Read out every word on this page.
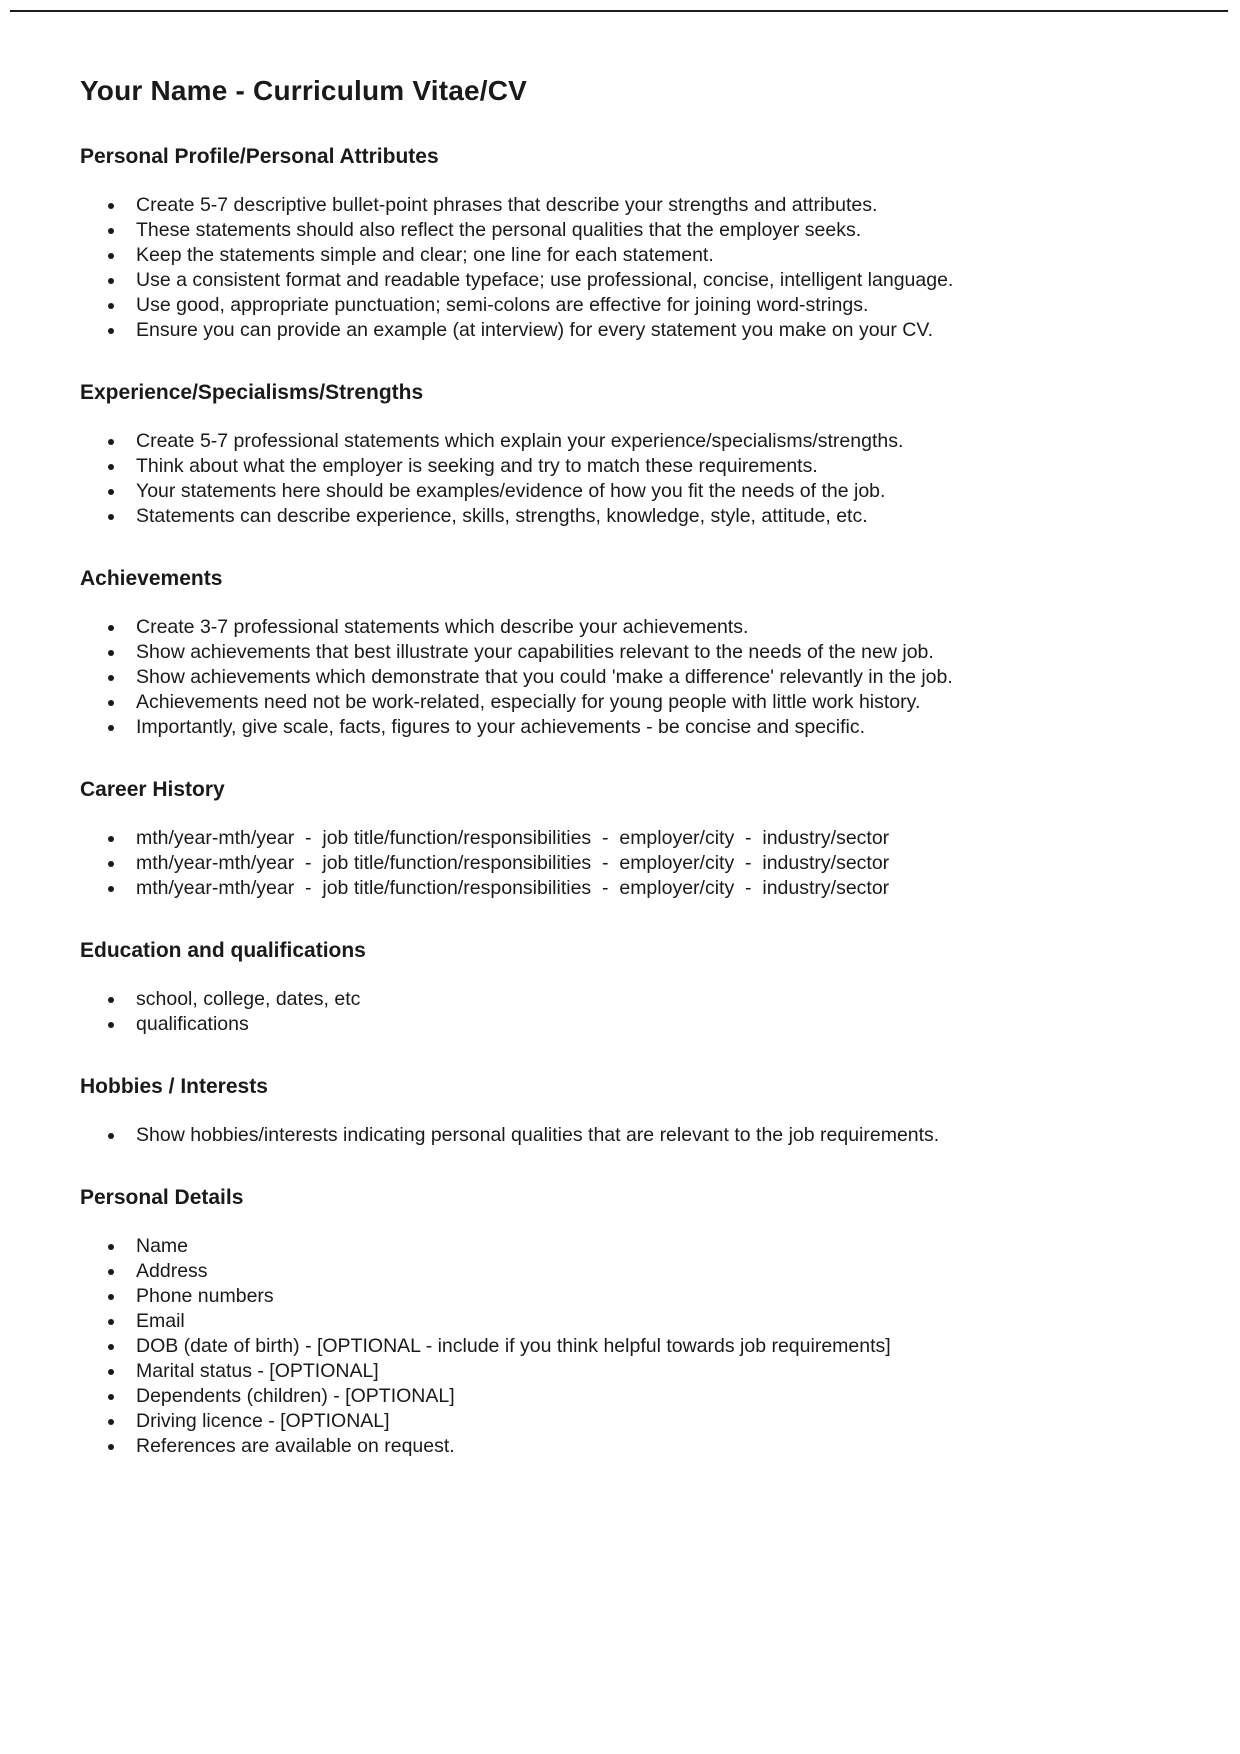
Your Name - Curriculum Vitae/CV
Personal Profile/Personal Attributes
• Create 5-7 descriptive bullet-point phrases that describe your strengths and attributes.
• These statements should also reflect the personal qualities that the employer seeks.
• Keep the statements simple and clear; one line for each statement.
• Use a consistent format and readable typeface; use professional, concise, intelligent language.
• Use good, appropriate punctuation; semi-colons are effective for joining word-strings.
• Ensure you can provide an example (at interview) for every statement you make on your CV.
Experience/Specialisms/Strengths
• Create 5-7 professional statements which explain your experience/specialisms/strengths.
• Think about what the employer is seeking and try to match these requirements.
• Your statements here should be examples/evidence of how you fit the needs of the job.
• Statements can describe experience, skills, strengths, knowledge, style, attitude, etc.
Achievements
• Create 3-7 professional statements which describe your achievements.
• Show achievements that best illustrate your capabilities relevant to the needs of the new job.
• Show achievements which demonstrate that you could 'make a difference' relevantly in the job.
• Achievements need not be work-related, especially for young people with little work history.
• Importantly, give scale, facts, figures to your achievements - be concise and specific.
Career History
• mth/year-mth/year  -  job title/function/responsibilities  -  employer/city  -  industry/sector
• mth/year-mth/year  -  job title/function/responsibilities  -  employer/city  -  industry/sector
• mth/year-mth/year  -  job title/function/responsibilities  -  employer/city  -  industry/sector
Education and qualifications
• school, college, dates, etc
• qualifications
Hobbies / Interests
• Show hobbies/interests indicating personal qualities that are relevant to the job requirements.
Personal Details
• Name
• Address
• Phone numbers
• Email
• DOB (date of birth) - [OPTIONAL - include if you think helpful towards job requirements]
• Marital status - [OPTIONAL]
• Dependents (children) - [OPTIONAL]
• Driving licence - [OPTIONAL]
• References are available on request.
